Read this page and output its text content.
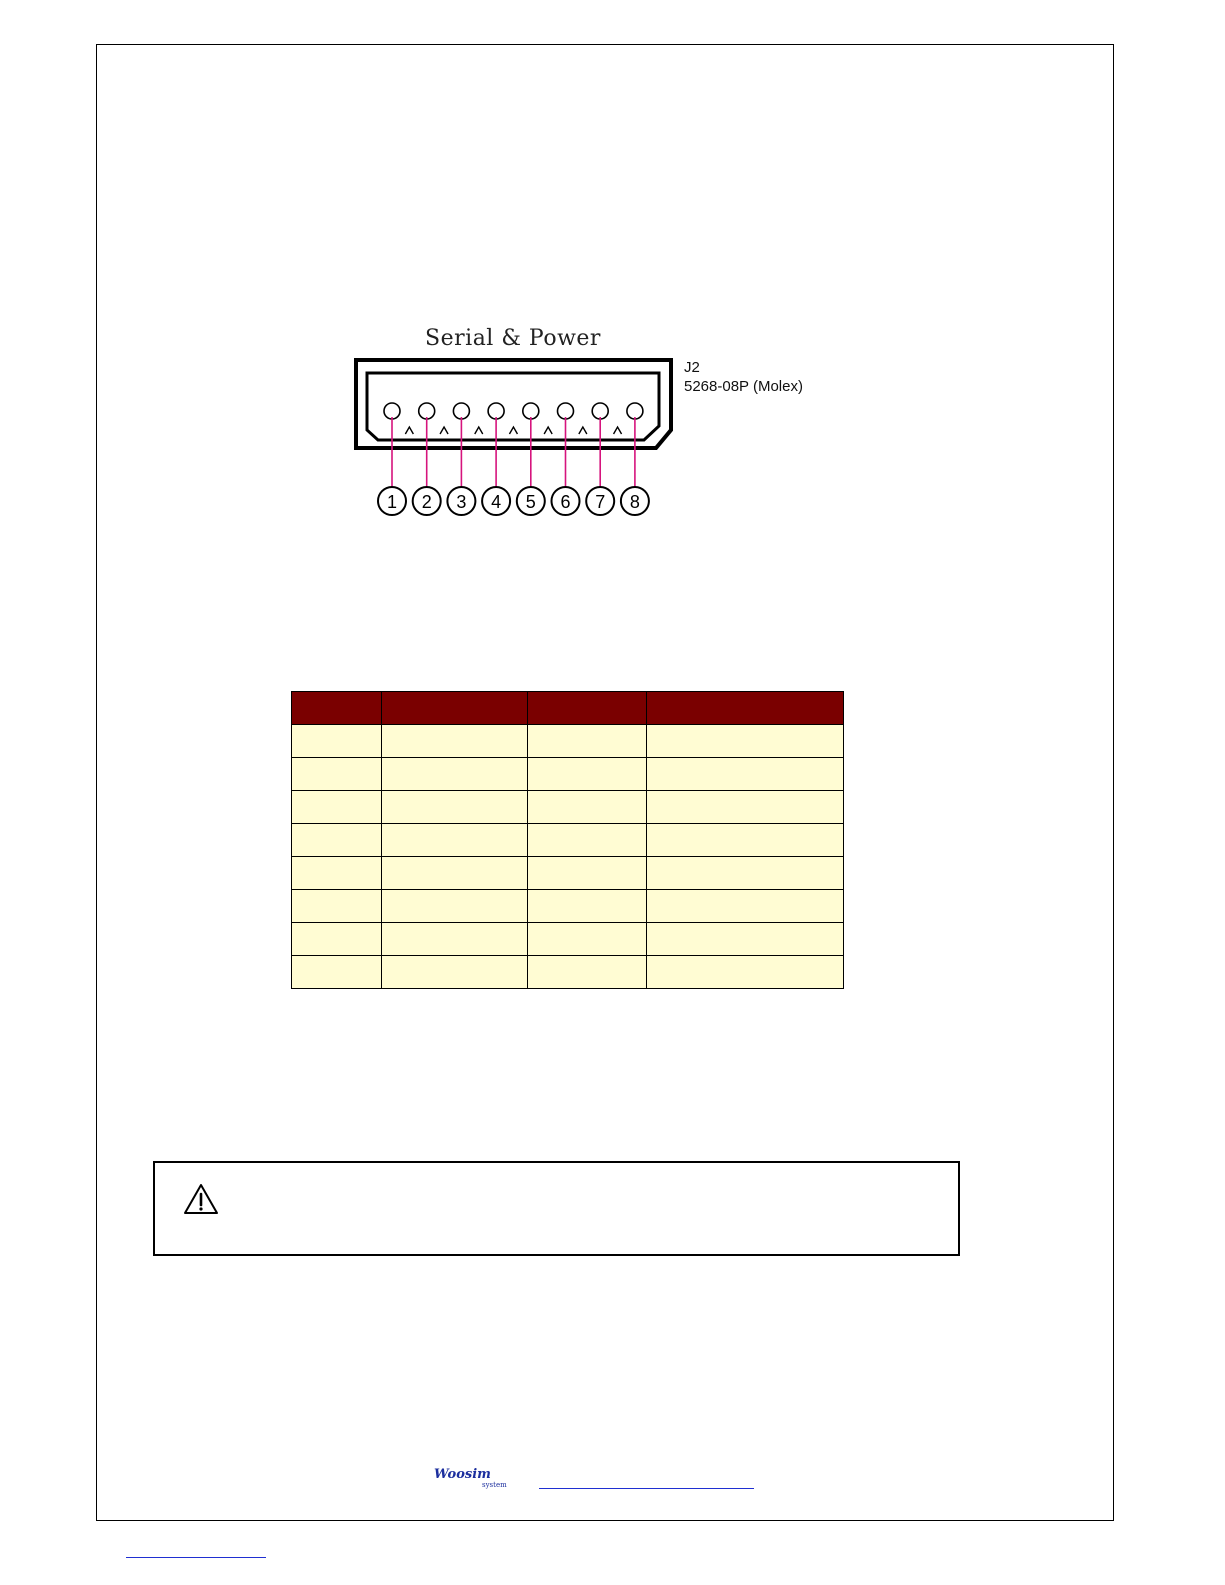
Serial & Power
1 2 3 4 5 6 7 8
J2
5268-08P (Molex)

Woosim
system
